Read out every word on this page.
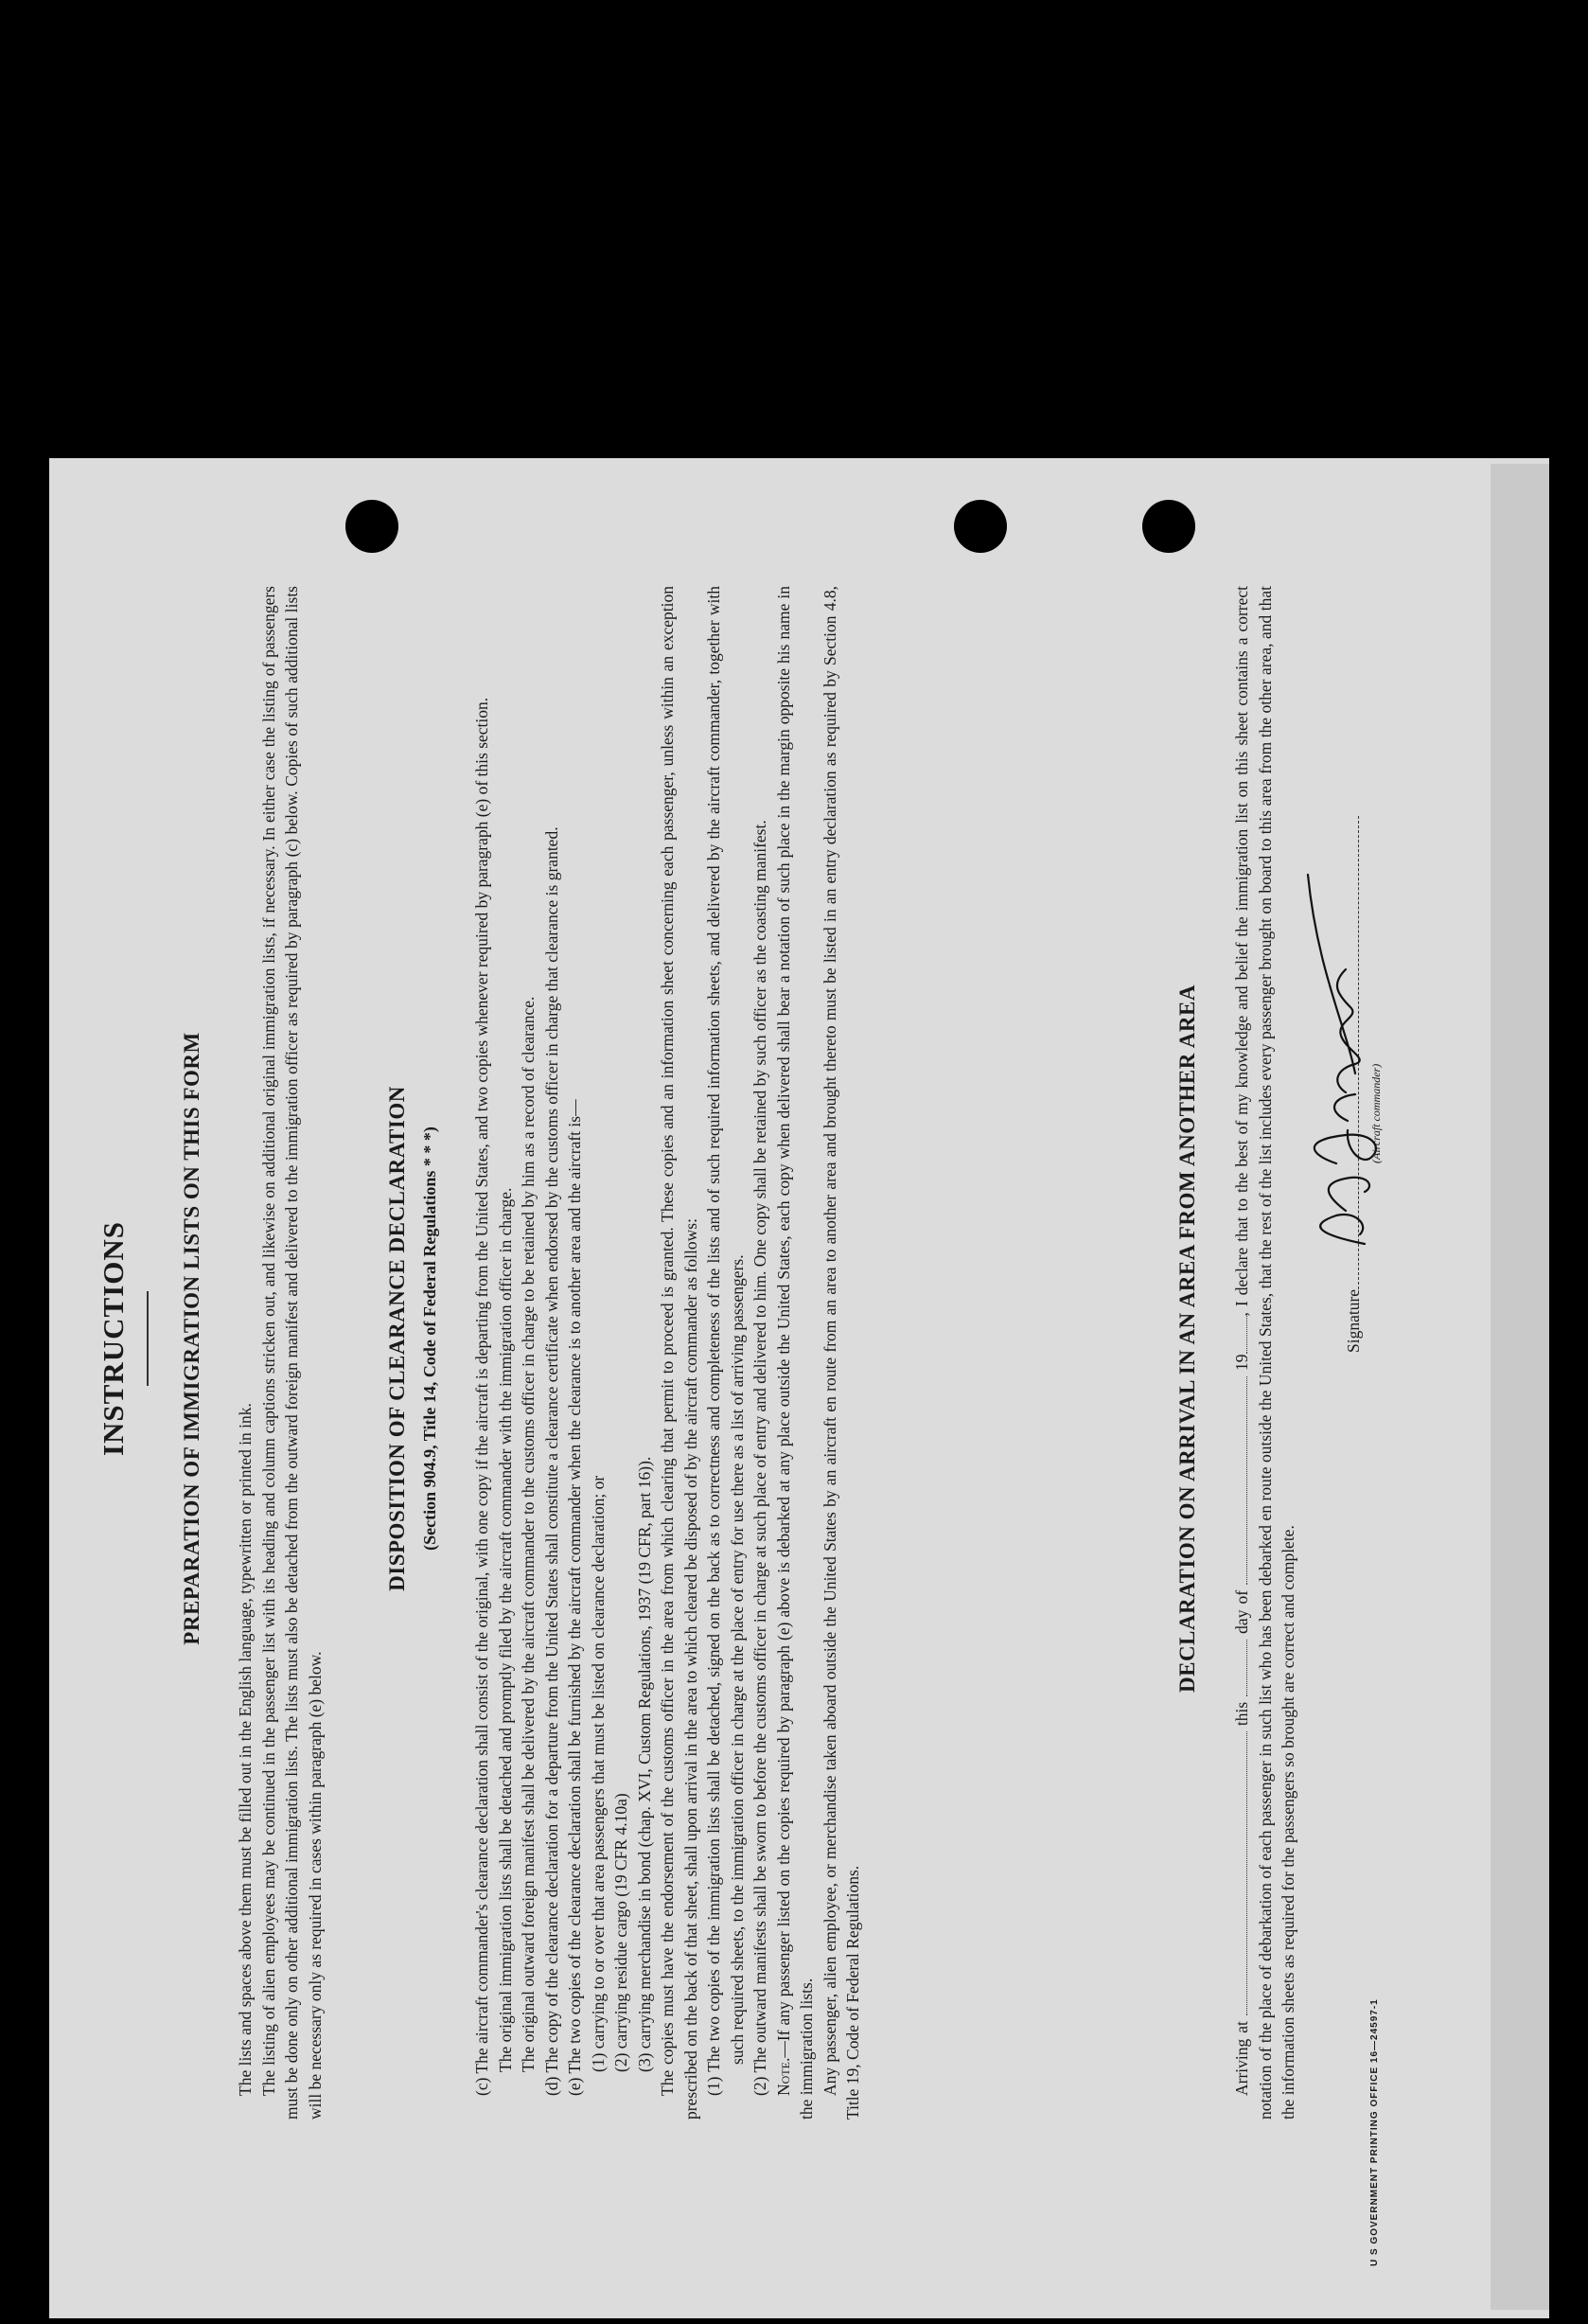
INSTRUCTIONS PREPARATION OF IMMIGRATION LISTS ON THIS FORM

The lists and spaces above them must be filled out in the English language, typewritten or printed in ink. The listing of alien employees may be continued in the passenger list with its heading and column captions stricken out, and likewise on additional original immigration lists, if necessary. In either case the listing of passengers must be done only on other additional immigration lists. The lists must also be detached from the outward foreign manifest and delivered to the immigration officer as required by paragraph (c) below. Copies of such additional lists will be necessary only as required in cases within paragraph (e) below.

DISPOSITION OF CLEARANCE DECLARATION (Section 904.9, Title 14, Code of Federal Regulations * * *) (c) The aircraft commander's clearance declaration shall consist of the original, with one copy if the aircraft is departing from the United States, and two copies whenever required by paragraph (e) of this section. The original immigration lists shall be detached and promptly filed by the aircraft commander with the immigration officer in charge. The original outward foreign manifest shall be delivered by the aircraft commander to the customs officer in charge to be retained by him as a record of clearance. (d) The copy of the clearance declaration for a departure from the United States shall constitute a clearance certificate when endorsed by the customs officer in charge that clearance is granted. (e) The two copies of the clearance declaration shall be furnished by the aircraft commander when the clearance is to another area and the aircraft is— (1) carrying to or over that area passengers that must be listed on clearance declaration; or (2) carrying residue cargo (19 CFR 4.10a) (3) carrying merchandise in bond (chap. XVI, Custom Regulations, 1937 (19 CFR, part 16)). The copies must have the endorsement of the customs officer in the area from which clearing that permit to proceed is granted. These copies and an information sheet concerning each passenger, unless within an exception prescribed on the back of that sheet, shall upon arrival in the area to which cleared be disposed of by the aircraft commander as follows: (1) The two copies of the immigration lists shall be detached, signed on the back as to correctness and completeness of the lists and of such required information sheets, and delivered by the aircraft commander, together with such required sheets, to the immigration officer in charge at the place of entry for use there as a list of arriving passengers. (2) The outward manifests shall be sworn to before the customs officer in charge at such place of entry and delivered to him. One copy shall be retained by such officer as the coasting manifest. Note.—If any passenger listed on the copies required by paragraph (e) above is debarked at any place outside the United States, each copy when delivered shall bear a notation of such place in the margin opposite his name in the immigration lists. Any passenger, alien employee, or merchandise taken aboard outside the United States by an aircraft en route from an area to another area and brought thereto must be listed in an entry declaration as required by Section 4.8, Title 19, Code of Federal Regulations.

DECLARATION ON ARRIVAL IN AN AREA FROM ANOTHER AREA

Arriving at  this  day of  19, I declare that to the best of my knowledge and belief the immigration list on this sheet contains a correct notation of the place of debarkation of each passenger in such list who has been debarked en route outside the United States, that the rest of the list includes every passenger brought on board to this area from the other area, and that the information sheets as required for the passengers so brought are correct and complete.

Signature
(Aircraft commander)
U S GOVERNMENT PRINTING OFFICE 16—24597-1
